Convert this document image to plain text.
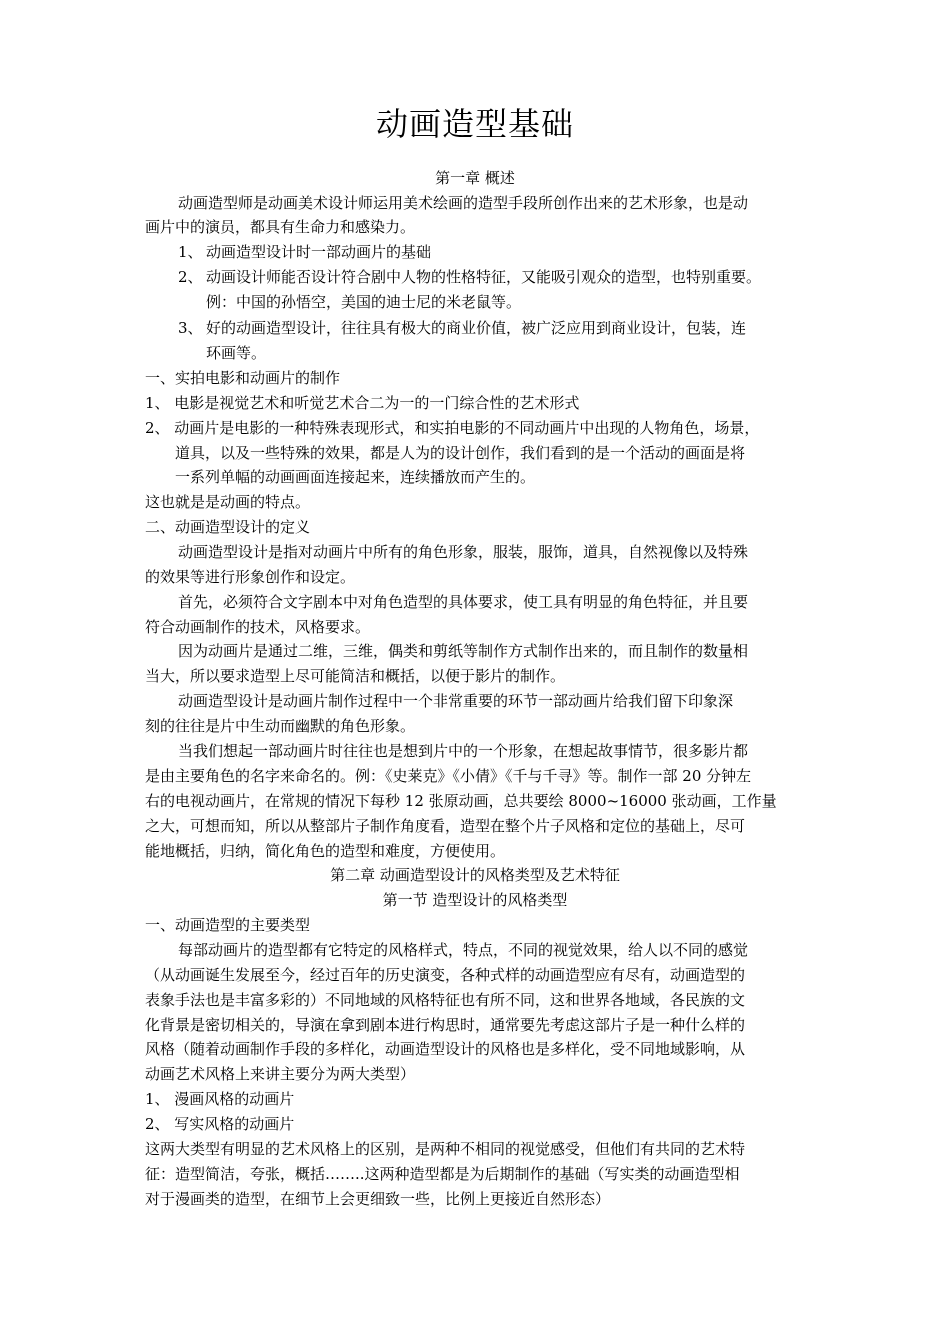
动画造型基础
第一章 概述
动画造型师是动画美术设计师运用美术绘画的造型手段所创作出来的艺术形象，也是动
画片中的演员，都具有生命力和感染力。
1、 动画造型设计时一部动画片的基础
2、 动画设计师能否设计符合剧中人物的性格特征，又能吸引观众的造型，也特别重要。
例：中国的孙悟空，美国的迪士尼的米老鼠等。
3、 好的动画造型设计，往往具有极大的商业价值，被广泛应用到商业设计，包装，连
环画等。
一、实拍电影和动画片的制作
1、 电影是视觉艺术和听觉艺术合二为一的一门综合性的艺术形式
2、 动画片是电影的一种特殊表现形式，和实拍电影的不同动画片中出现的人物角色，场景，
道具，以及一些特殊的效果，都是人为的设计创作，我们看到的是一个活动的画面是将
一系列单幅的动画画面连接起来，连续播放而产生的。
这也就是是动画的特点。
二、动画造型设计的定义
动画造型设计是指对动画片中所有的角色形象，服装，服饰，道具，自然视像以及特殊
的效果等进行形象创作和设定。
首先，必须符合文字剧本中对角色造型的具体要求，使工具有明显的角色特征，并且要
符合动画制作的技术，风格要求。
因为动画片是通过二维，三维，偶类和剪纸等制作方式制作出来的，而且制作的数量相
当大，所以要求造型上尽可能简洁和概括，以便于影片的制作。
动画造型设计是动画片制作过程中一个非常重要的环节一部动画片给我们留下印象深
刻的往往是片中生动而幽默的角色形象。
当我们想起一部动画片时往往也是想到片中的一个形象，在想起故事情节，很多影片都
是由主要角色的名字来命名的。例：《史莱克》《小倩》《千与千寻》等。制作一部 20 分钟左
右的电视动画片，在常规的情况下每秒 12 张原动画，总共要绘 8000~16000 张动画，工作量
之大，可想而知，所以从整部片子制作角度看，造型在整个片子风格和定位的基础上，尽可
能地概括，归纳，简化角色的造型和难度，方便使用。
第二章 动画造型设计的风格类型及艺术特征
第一节 造型设计的风格类型
一、动画造型的主要类型
每部动画片的造型都有它特定的风格样式，特点，不同的视觉效果，给人以不同的感觉
（从动画诞生发展至今，经过百年的历史演变，各种式样的动画造型应有尽有，动画造型的
表象手法也是丰富多彩的）不同地域的风格特征也有所不同，这和世界各地域，各民族的文
化背景是密切相关的，导演在拿到剧本进行构思时，通常要先考虑这部片子是一种什么样的
风格（随着动画制作手段的多样化，动画造型设计的风格也是多样化，受不同地域影响，从
动画艺术风格上来讲主要分为两大类型）
1、 漫画风格的动画片
2、 写实风格的动画片
这两大类型有明显的艺术风格上的区别，是两种不相同的视觉感受，但他们有共同的艺术特
征：造型简洁，夸张，概括……..这两种造型都是为后期制作的基础（写实类的动画造型相
对于漫画类的造型，在细节上会更细致一些，比例上更接近自然形态）
